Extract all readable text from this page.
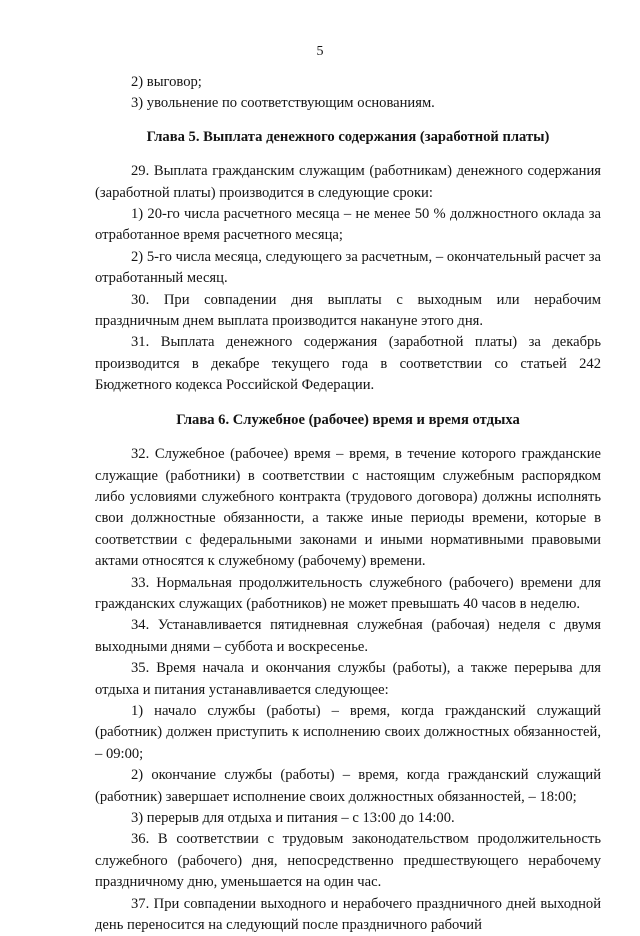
5

2) выговор;

3) увольнение по соответствующим основаниям.

Глава 5. Выплата денежного содержания (заработной платы)

29. Выплата гражданским служащим (работникам) денежного содержания (заработной платы) производится в следующие сроки:

1) 20-го числа расчетного месяца – не менее 50 % должностного оклада за отработанное время расчетного месяца;

2) 5-го числа месяца, следующего за расчетным, – окончательный расчет за отработанный месяц.

30. При совпадении дня выплаты с выходным или нерабочим праздничным днем выплата производится накануне этого дня.

31. Выплата денежного содержания (заработной платы) за декабрь производится в декабре текущего года в соответствии со статьей 242 Бюджетного кодекса Российской Федерации.

Глава 6. Служебное (рабочее) время и время отдыха

32. Служебное (рабочее) время – время, в течение которого гражданские служащие (работники) в соответствии с настоящим служебным распорядком либо условиями служебного контракта (трудового договора) должны исполнять свои должностные обязанности, а также иные периоды времени, которые в соответствии с федеральными законами и иными нормативными правовыми актами относятся к служебному (рабочему) времени.

33. Нормальная продолжительность служебного (рабочего) времени для гражданских служащих (работников) не может превышать 40 часов в неделю.

34. Устанавливается пятидневная служебная (рабочая) неделя с двумя выходными днями – суббота и воскресенье.

35. Время начала и окончания службы (работы), а также перерыва для отдыха и питания устанавливается следующее:

1) начало службы (работы) – время, когда гражданский служащий (работник) должен приступить к исполнению своих должностных обязанностей, – 09:00;

2) окончание службы (работы) – время, когда гражданский служащий (работник) завершает исполнение своих должностных обязанностей, – 18:00;

3) перерыв для отдыха и питания – с 13:00 до 14:00.

36. В соответствии с трудовым законодательством продолжительность служебного (рабочего) дня, непосредственно предшествующего нерабочему праздничному дню, уменьшается на один час.

37. При совпадении выходного и нерабочего праздничного дней выходной день переносится на следующий после праздничного рабочий
